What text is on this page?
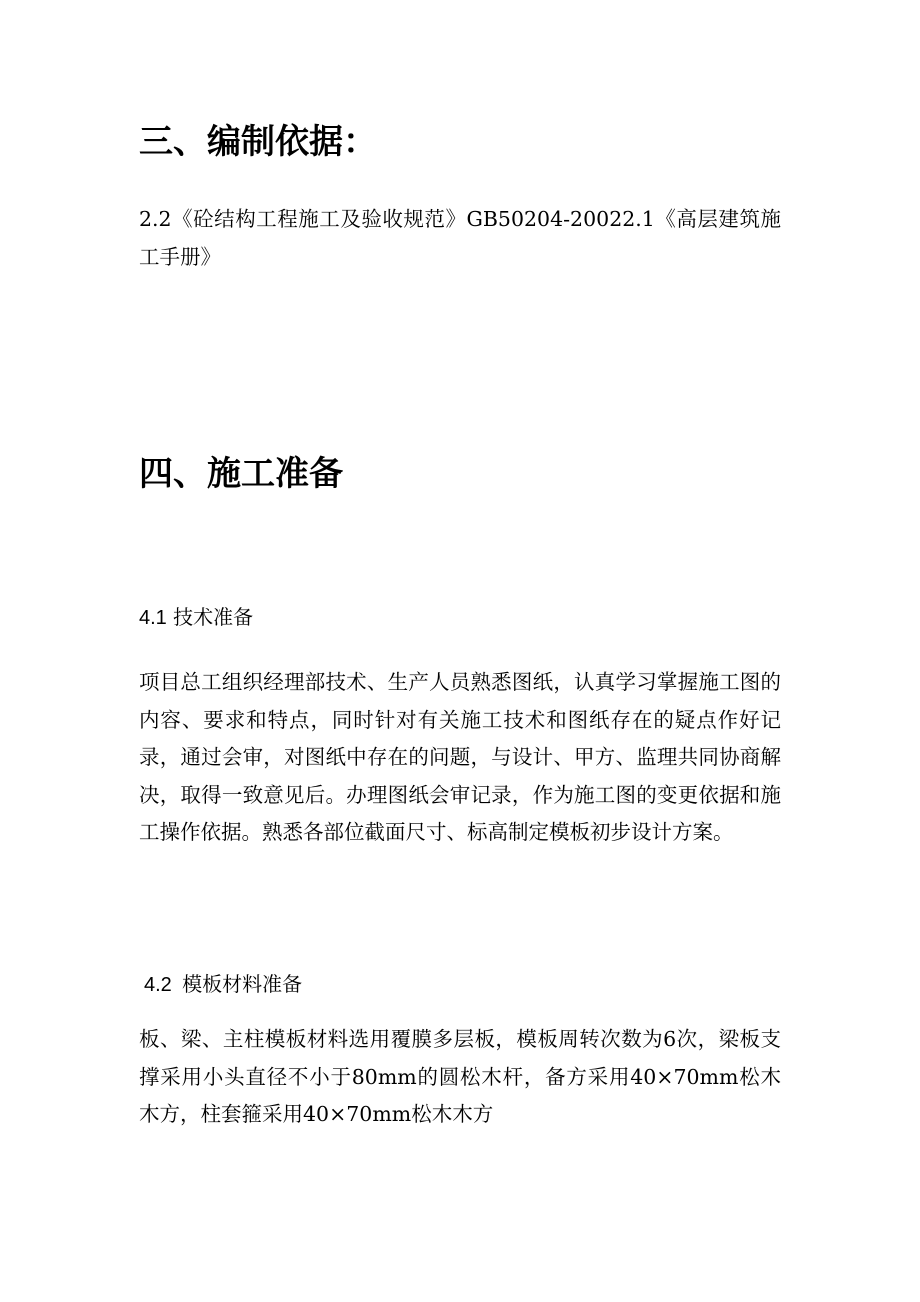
三、编制依据：

2.2《砼结构工程施工及验收规范》GB50204-20022.1《高层建筑施工手册》

四、施工准备
4.1 技术准备

项目总工组织经理部技术、生产人员熟悉图纸，认真学习掌握施工图的内容、要求和特点，同时针对有关施工技术和图纸存在的疑点作好记录，通过会审，对图纸中存在的问题，与设计、甲方、监理共同协商解决，取得一致意见后。办理图纸会审记录，作为施工图的变更依据和施工操作依据。熟悉各部位截面尺寸、标高制定模板初步设计方案。

4.2 模板材料准备

板、梁、主柱模板材料选用覆膜多层板，模板周转次数为6次，梁板支撑采用小头直径不小于80mm的圆松木杆，备方采用40×70mm松木木方，柱套箍采用40×70mm松木木方
